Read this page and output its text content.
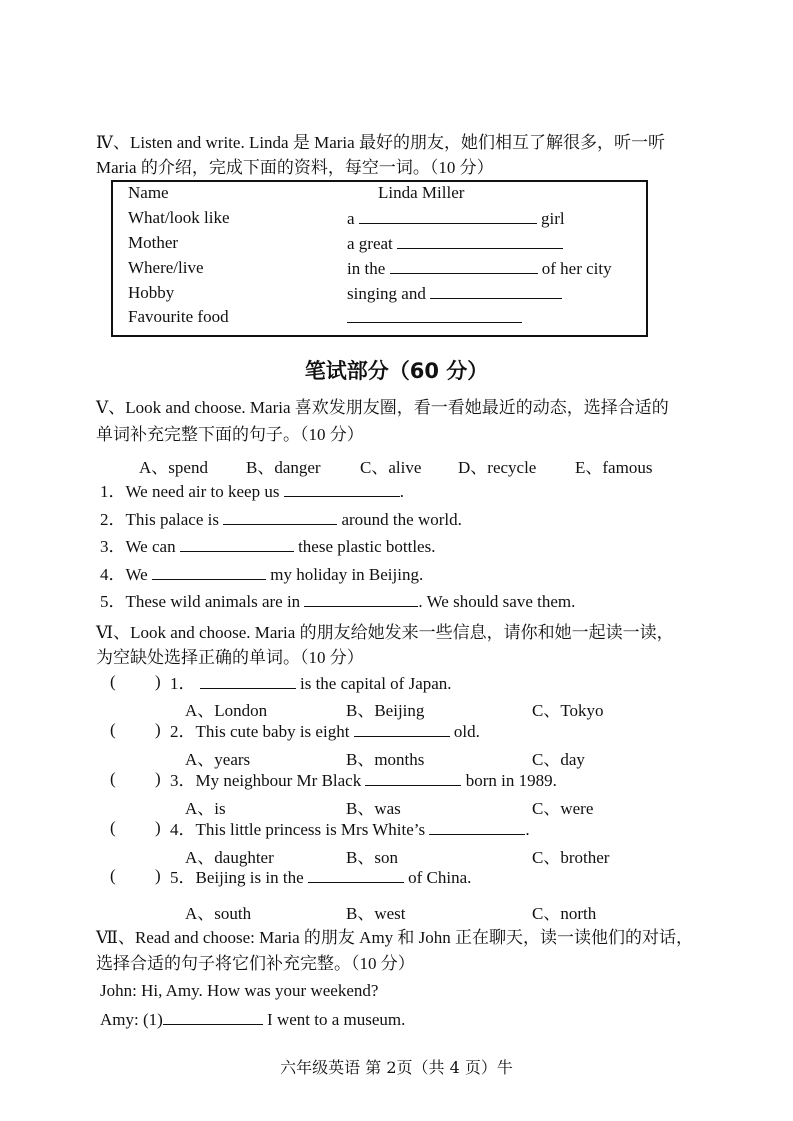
Ⅳ、Listen and write. Linda 是 Maria 最好的朋友，她们相互了解很多，听一听
Maria 的介绍，完成下面的资料，每空一词。（10 分）
Name	Linda Miller
What/look like	a	girl
Mother	a great
Where/live	in the	of her city
Hobby	singing and
Favourite food
笔试部分（60 分）
Ⅴ、Look and choose. Maria 喜欢发朋友圈，看一看她最近的动态，选择合适的
单词补充完整下面的句子。（10 分）
A、spend B、danger C、alive D、recycle E、famous
1．We need air to keep us	.
2．This palace is	around the world.
3．We can	these plastic bottles.
4．We	my holiday in Beijing.
5．These wild animals are in	. We should save them.
Ⅵ、Look and choose. Maria 的朋友给她发来一些信息，请你和她一起读一读，
为空缺处选择正确的单词。（10 分）
( ) 1．	is the capital of Japan.
A、London	B、Beijing	C、Tokyo
( ) 2．This cute baby is eight	old.
A、years	B、months	C、day
( ) 3．My neighbour Mr Black	born in 1989.
A、is	B、was	C、were
( ) 4．This little princess is Mrs White’s	.
A、daughter	B、son	C、brother
( ) 5．Beijing is in the	of China.
A、south	B、west	C、north
Ⅶ、Read and choose: Maria 的朋友 Amy 和 John 正在聊天，读一读他们的对话，
选择合适的句子将它们补充完整。（10 分）
John: Hi, Amy. How was your weekend?
Amy: (1)	I went to a museum.
六年级英语 第 2页（共 4 页）牛
